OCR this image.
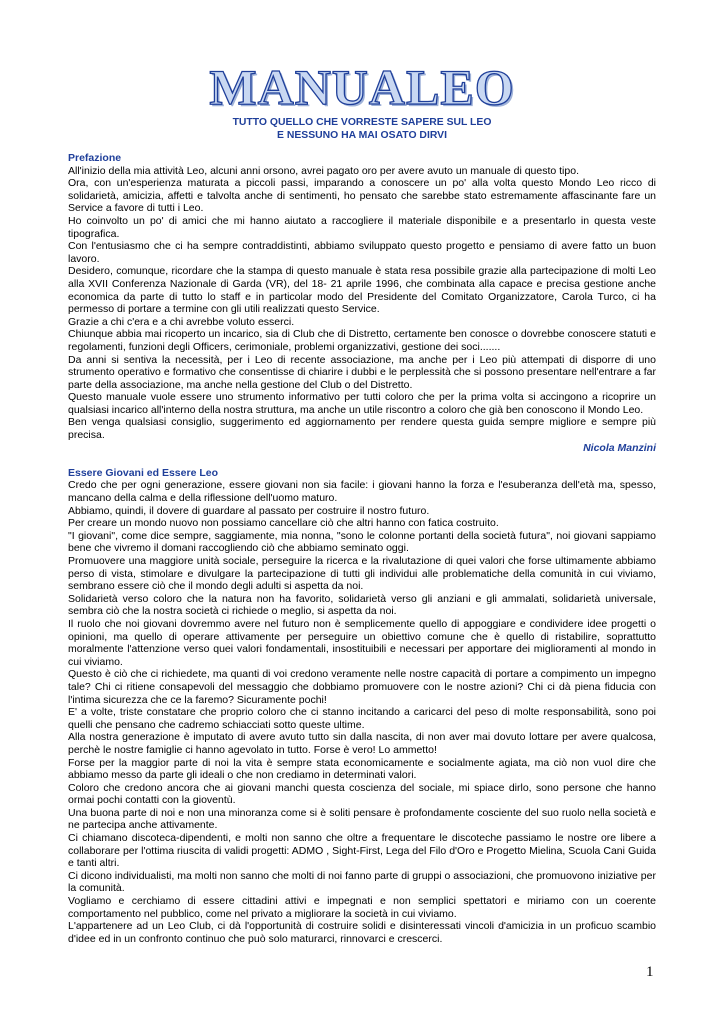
MANUALEO
TUTTO QUELLO CHE VORRESTE SAPERE SUL LEO
E NESSUNO HA MAI OSATO DIRVI
Prefazione

All'inizio della mia attività Leo, alcuni anni orsono, avrei pagato oro per avere avuto un manuale di questo tipo.

Ora, con un'esperienza maturata a piccoli passi, imparando a conoscere un po' alla volta questo Mondo Leo ricco di solidarietà, amicizia, affetti e talvolta anche di sentimenti, ho pensato che sarebbe stato estremamente affascinante fare un Service a favore di tutti i Leo.

Ho coinvolto un po' di amici che mi hanno aiutato a raccogliere il materiale disponibile e a presentarlo in questa veste tipografica.

Con l'entusiasmo che ci ha sempre contraddistinti, abbiamo sviluppato questo progetto e pensiamo di avere fatto un buon lavoro.

Desidero, comunque, ricordare che la stampa di questo manuale è stata resa possibile grazie alla partecipazione di molti Leo alla XVII Conferenza Nazionale di Garda (VR), del 18- 21 aprile 1996, che combinata alla capace e precisa gestione anche economica da parte di tutto lo staff e in particolar modo del Presidente del Comitato Organizzatore, Carola Turco, ci ha permesso di portare a termine con gli utili realizzati questo Service.

Grazie a chi c'era e a chi avrebbe voluto esserci.

Chiunque abbia mai ricoperto un incarico, sia di Club che di Distretto, certamente ben conosce o dovrebbe conoscere statuti e regolamenti, funzioni degli Officers, cerimoniale, problemi organizzativi, gestione dei soci.......

Da anni si sentiva la necessità, per i Leo di recente associazione, ma anche per i Leo più attempati di disporre di uno strumento operativo e formativo che consentisse di chiarire i dubbi e le perplessità che si possono presentare nell'entrare a far parte della associazione, ma anche nella gestione del Club o del Distretto.

Questo manuale vuole essere uno strumento informativo per tutti coloro che per la prima volta si accingono a ricoprire un qualsiasi incarico all'interno della nostra struttura, ma anche un utile riscontro a coloro che già ben conoscono il Mondo Leo.

Ben venga qualsiasi consiglio, suggerimento ed aggiornamento per rendere questa guida sempre migliore e sempre più precisa.

Nicola Manzini
Essere Giovani ed Essere Leo

Credo che per ogni generazione, essere giovani non sia facile: i giovani hanno la forza e l'esuberanza dell'età ma, spesso, mancano della calma e della riflessione dell'uomo maturo.

Abbiamo, quindi, il dovere di guardare al passato per costruire il nostro futuro.

Per creare un mondo nuovo non possiamo cancellare ciò che altri hanno con fatica costruito.

"I giovani", come dice sempre, saggiamente, mia nonna, "sono le colonne portanti della società futura", noi giovani sappiamo bene che vivremo il domani raccogliendo ciò che abbiamo seminato oggi.

Promuovere una maggiore unità sociale, perseguire la ricerca e la rivalutazione di quei valori che forse ultimamente abbiamo perso di vista, stimolare e divulgare la partecipazione di tutti gli individui alle problematiche della comunità in cui viviamo, sembrano essere ciò che il mondo degli adulti si aspetta da noi.

Solidarietà verso coloro che la natura non ha favorito, solidarietà verso gli anziani e gli ammalati, solidarietà universale, sembra ciò che la nostra società ci richiede o meglio, si aspetta da noi.

Il ruolo che noi giovani dovremmo avere nel futuro non è semplicemente quello di appoggiare e condividere idee progetti o opinioni, ma quello di operare attivamente per perseguire un obiettivo comune che è quello di ristabilire, soprattutto moralmente l'attenzione verso quei valori fondamentali, insostituibili e necessari per apportare dei miglioramenti al mondo in cui viviamo.

Questo è ciò che ci richiedete, ma quanti di voi credono veramente nelle nostre capacità di portare a compimento un impegno tale? Chi ci ritiene consapevoli del messaggio che dobbiamo promuovere con le nostre azioni? Chi ci dà piena fiducia con l'intima sicurezza che ce la faremo? Sicuramente pochi!

E' a volte, triste constatare che proprio coloro che ci stanno incitando a caricarci del peso di molte responsabilità, sono poi quelli che pensano che cadremo schiacciati sotto queste ultime.

Alla nostra generazione è imputato di avere avuto tutto sin dalla nascita, di non aver mai dovuto lottare per avere qualcosa, perchè le nostre famiglie ci hanno agevolato in tutto. Forse è vero! Lo ammetto!

Forse per la maggior parte di noi la vita è sempre stata economicamente e socialmente agiata, ma ciò non vuol dire che abbiamo messo da parte gli ideali o che non crediamo in determinati valori.

Coloro che credono ancora che ai giovani manchi questa coscienza del sociale, mi spiace dirlo, sono persone che hanno ormai pochi contatti con la gioventù.

Una buona parte di noi e non una minoranza come si è soliti pensare è profondamente cosciente del suo ruolo nella società e ne partecipa anche attivamente.

Ci chiamano discoteca-dipendenti, e molti non sanno che oltre a frequentare le discoteche passiamo le nostre ore libere a collaborare per l'ottima riuscita di validi progetti: ADMO , Sight-First, Lega del Filo d'Oro e Progetto Mielina, Scuola Cani Guida e tanti altri.

Ci dicono individualisti, ma molti non sanno che molti di noi fanno parte di gruppi o associazioni, che promuovono iniziative per la comunità.

Vogliamo e cerchiamo di essere cittadini attivi e impegnati e non semplici spettatori e miriamo con un coerente comportamento nel pubblico, come nel privato a migliorare la società in cui viviamo.

L'appartenere ad un Leo Club, ci dà l'opportunità di costruire solidi e disinteressati vincoli d'amicizia in un proficuo scambio d'idee ed in un confronto continuo che può solo maturarci, rinnovarci e crescerci.

1
